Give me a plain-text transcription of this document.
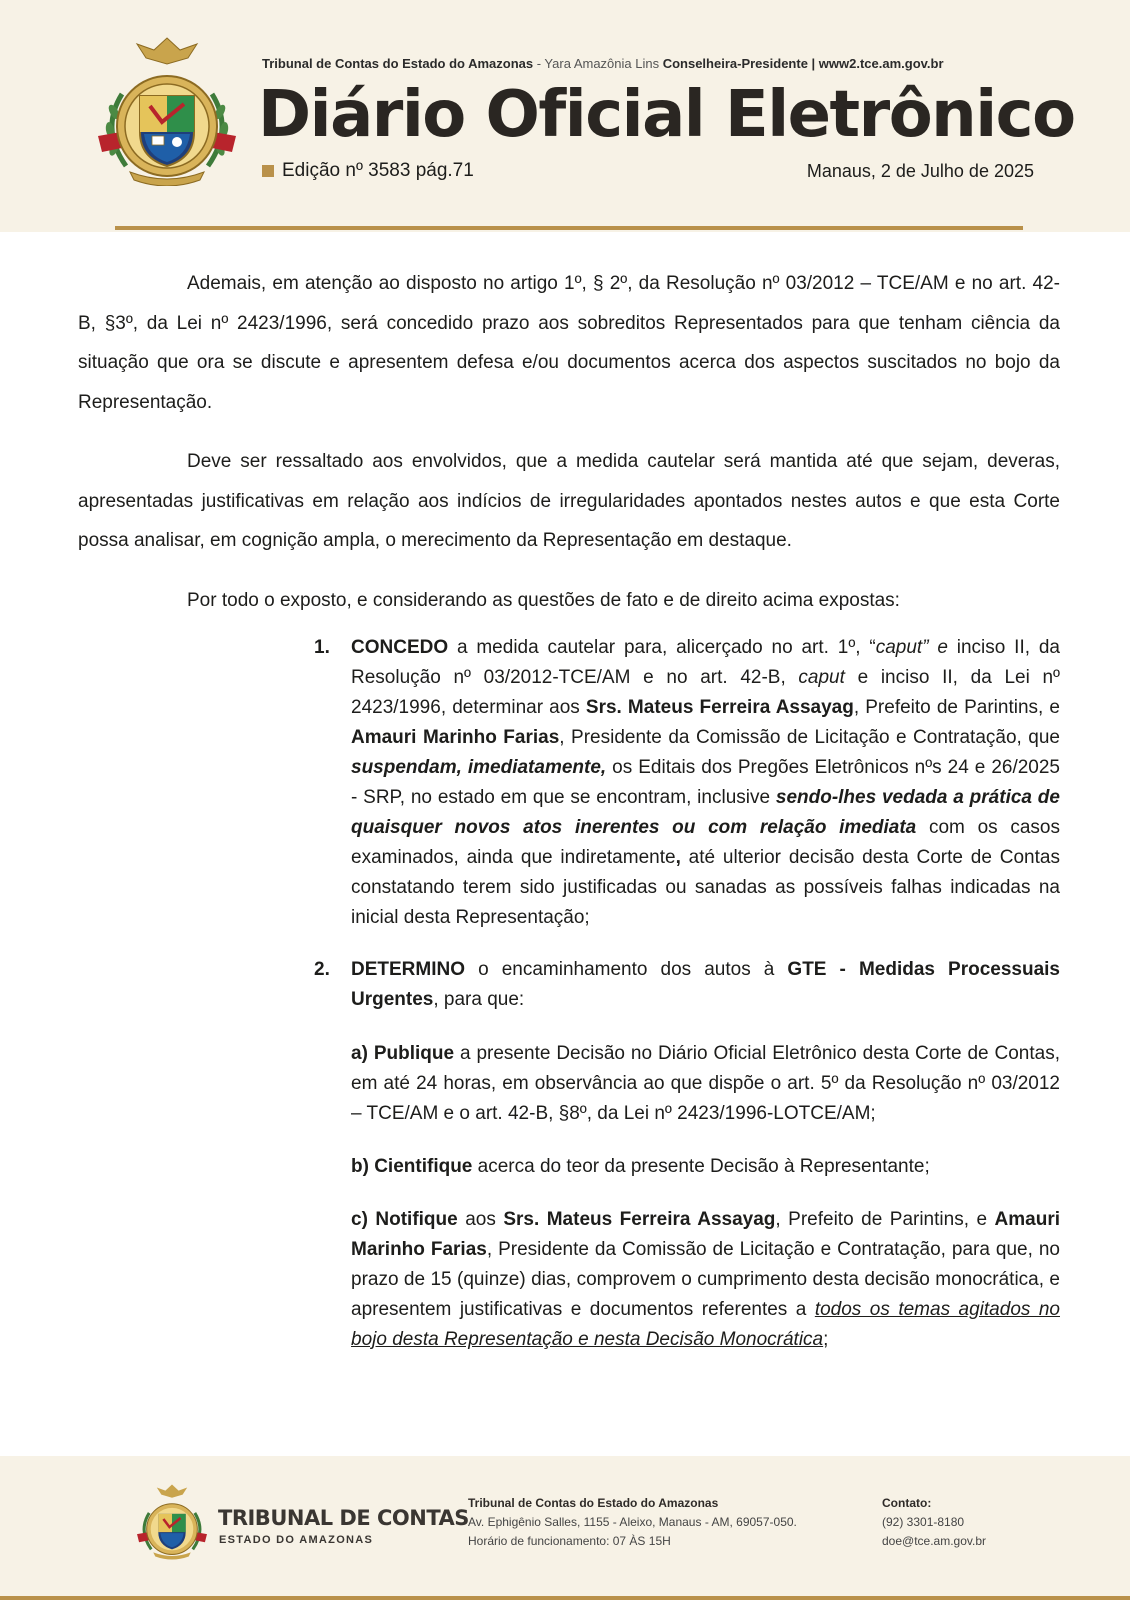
Tribunal de Contas do Estado do Amazonas - Yara Amazônia Lins Conselheira-Presidente | www2.tce.am.gov.br
Diário Oficial Eletrônico
Edição nº 3583 pág.71	Manaus, 2 de Julho de 2025

Ademais, em atenção ao disposto no artigo 1º, § 2º, da Resolução nº 03/2012 – TCE/AM e no art. 42-B, §3º, da Lei nº 2423/1996, será concedido prazo aos sobreditos Representados para que tenham ciência da situação que ora se discute e apresentem defesa e/ou documentos acerca dos aspectos suscitados no bojo da Representação.

Deve ser ressaltado aos envolvidos, que a medida cautelar será mantida até que sejam, deveras, apresentadas justificativas em relação aos indícios de irregularidades apontados nestes autos e que esta Corte possa analisar, em cognição ampla, o merecimento da Representação em destaque.

Por todo o exposto, e considerando as questões de fato e de direito acima expostas:

1. CONCEDO a medida cautelar para, alicerçado no art. 1º, “caput” e inciso II, da Resolução nº 03/2012-TCE/AM e no art. 42-B, caput e inciso II, da Lei nº 2423/1996, determinar aos Srs. Mateus Ferreira Assayag, Prefeito de Parintins, e Amauri Marinho Farias, Presidente da Comissão de Licitação e Contratação, que suspendam, imediatamente, os Editais dos Pregões Eletrônicos nºs 24 e 26/2025 - SRP, no estado em que se encontram, inclusive sendo-lhes vedada a prática de quaisquer novos atos inerentes ou com relação imediata com os casos examinados, ainda que indiretamente, até ulterior decisão desta Corte de Contas constatando terem sido justificadas ou sanadas as possíveis falhas indicadas na inicial desta Representação;

2. DETERMINO o encaminhamento dos autos à GTE - Medidas Processuais Urgentes, para que:

a) Publique a presente Decisão no Diário Oficial Eletrônico desta Corte de Contas, em até 24 horas, em observância ao que dispõe o art. 5º da Resolução nº 03/2012 – TCE/AM e o art. 42-B, §8º, da Lei nº 2423/1996-LOTCE/AM;

b) Cientifique acerca do teor da presente Decisão à Representante;

c) Notifique aos Srs. Mateus Ferreira Assayag, Prefeito de Parintins, e Amauri Marinho Farias, Presidente da Comissão de Licitação e Contratação, para que, no prazo de 15 (quinze) dias, comprovem o cumprimento desta decisão monocrática, e apresentem justificativas e documentos referentes a todos os temas agitados no bojo desta Representação e nesta Decisão Monocrática;

TRIBUNAL DE CONTAS
ESTADO DO AMAZONAS
Tribunal de Contas do Estado do Amazonas
Av. Ephigênio Salles, 1155 - Aleixo, Manaus - AM, 69057-050.
Horário de funcionamento: 07 ÀS 15H
Contato:
(92) 3301-8180
doe@tce.am.gov.br
